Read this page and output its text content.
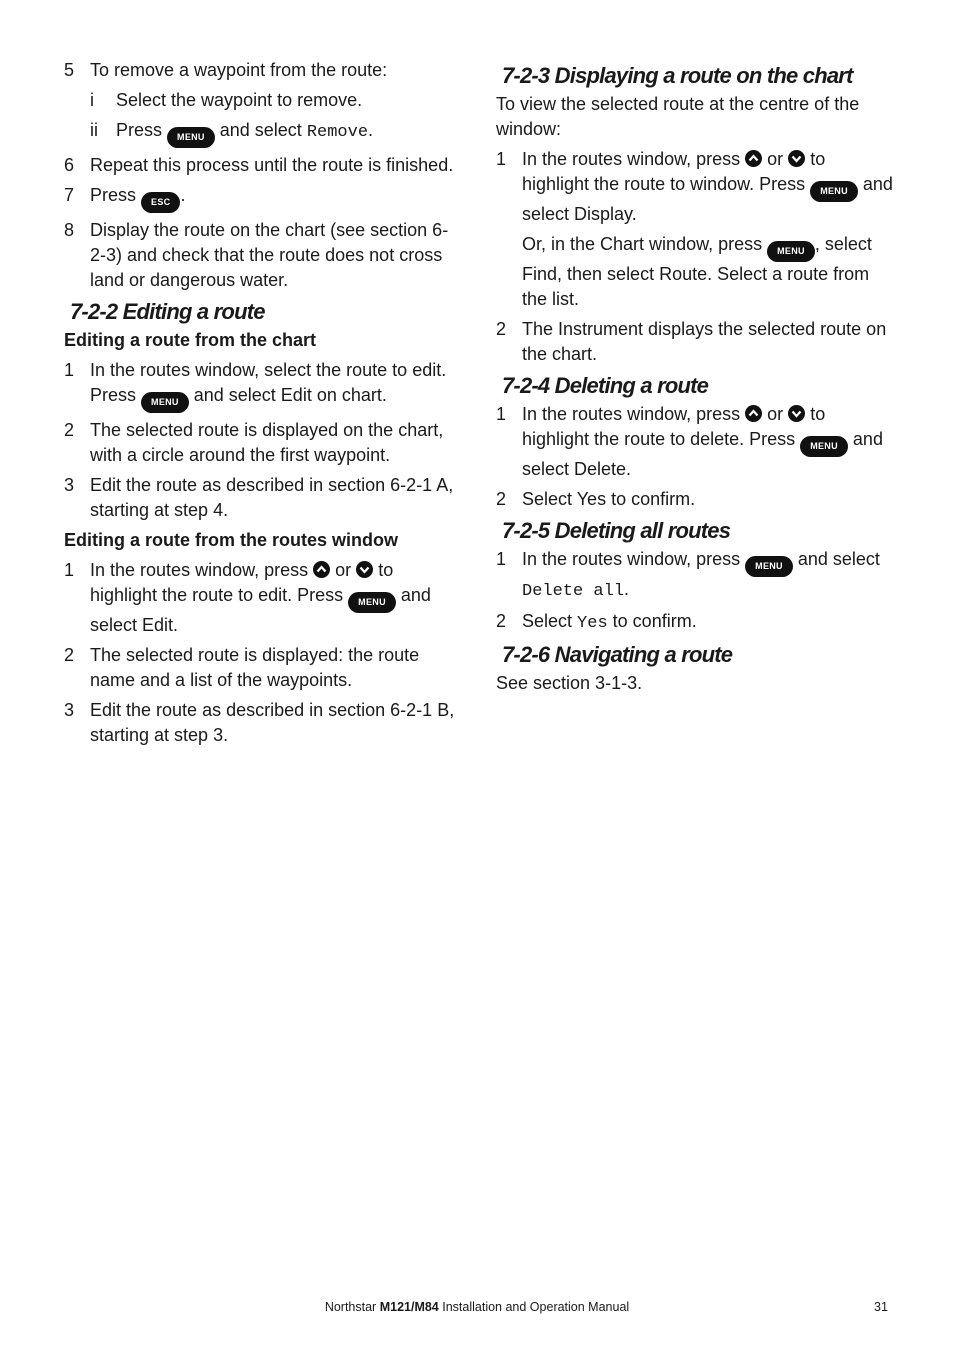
5 To remove a waypoint from the route:

i	Select the waypoint to remove.

ii	Press MENU and select Remove.

6 Repeat this process until the route is finished.

7 Press ESC .

8 Display the route on the chart (see section 6-2-3) and check that the route does not cross land or dangerous water.

7-2-2 Editing a route
Editing a route from the chart
1 In the routes window, select the route to edit. Press MENU and select Edit on chart.

2 The selected route is displayed on the chart, with a circle around the first waypoint.

3 Edit the route as described in section 6-2-1 A, starting at step 4.

Editing a route from the routes window
1 In the routes window, press or to highlight the route to edit. Press MENU and select Edit.

2 The selected route is displayed: the route name and a list of the waypoints.

3 Edit the route as described in section 6-2-1 B, starting at step 3.

7-2-3 Displaying a route on the chart

To view the selected route at the centre of the window:

1 In the routes window, press or to highlight the route to window. Press MENU and select Display.

Or, in the Chart window, press MENU , select Find, then select Route. Select a route from the list.

2 The Instrument displays the selected route on the chart.

7-2-4 Deleting a route
1 In the routes window, press or to highlight the route to delete. Press MENU and select Delete.

2 Select Yes to confirm.

7-2-5 Deleting all routes
1 In the routes window, press MENU and select Delete all.

2 Select Yes to confirm.

7-2-6 Navigating a route

See section 3-1-3.

Northstar M121/M84 Installation and Operation Manual	31
